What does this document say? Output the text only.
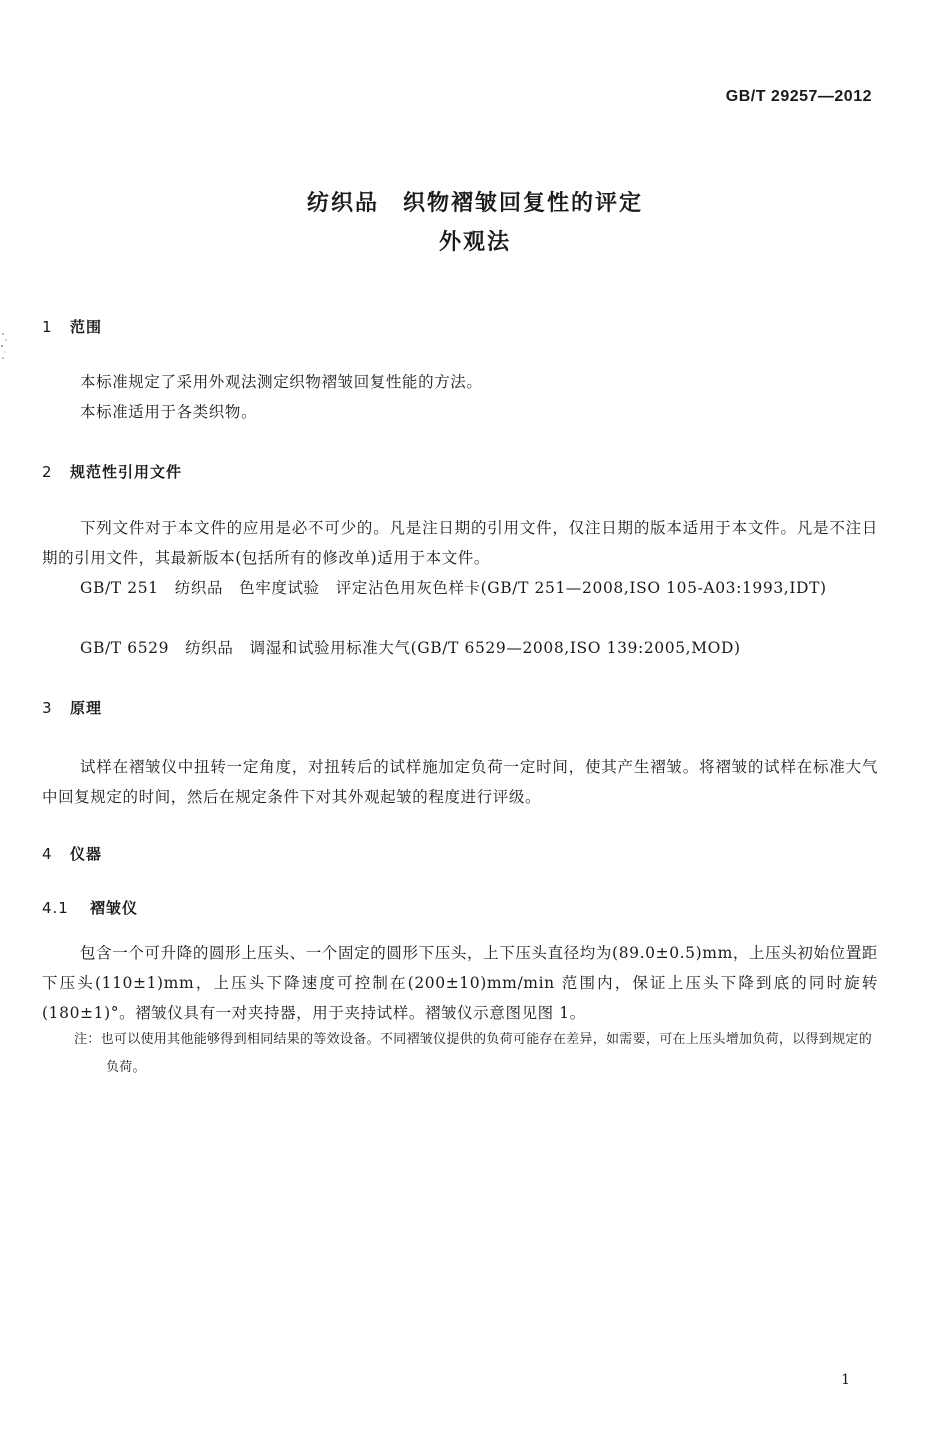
GB/T 29257—2012
纺织品　织物褶皱回复性的评定
外观法
1 范围
本标准规定了采用外观法测定织物褶皱回复性能的方法。
本标准适用于各类织物。
2 规范性引用文件
下列文件对于本文件的应用是必不可少的。凡是注日期的引用文件，仅注日期的版本适用于本文件。凡是不注日期的引用文件，其最新版本(包括所有的修改单)适用于本文件。
GB/T 251　纺织品　色牢度试验　评定沾色用灰色样卡(GB/T 251—2008,ISO 105-A03:1993,IDT)
GB/T 6529　纺织品　调湿和试验用标准大气(GB/T 6529—2008,ISO 139:2005,MOD)
3 原理
试样在褶皱仪中扭转一定角度，对扭转后的试样施加定负荷一定时间，使其产生褶皱。将褶皱的试样在标准大气中回复规定的时间，然后在规定条件下对其外观起皱的程度进行评级。
4 仪器
4.1 褶皱仪
包含一个可升降的圆形上压头、一个固定的圆形下压头，上下压头直径均为(89.0±0.5)mm，上压头初始位置距下压头(110±1)mm，上压头下降速度可控制在(200±10)mm/min 范围内，保证上压头下降到底的同时旋转(180±1)°。褶皱仪具有一对夹持器，用于夹持试样。褶皱仪示意图见图 1。
注：也可以使用其他能够得到相同结果的等效设备。不同褶皱仪提供的负荷可能存在差异，如需要，可在上压头增加负荷，以得到规定的负荷。
1
